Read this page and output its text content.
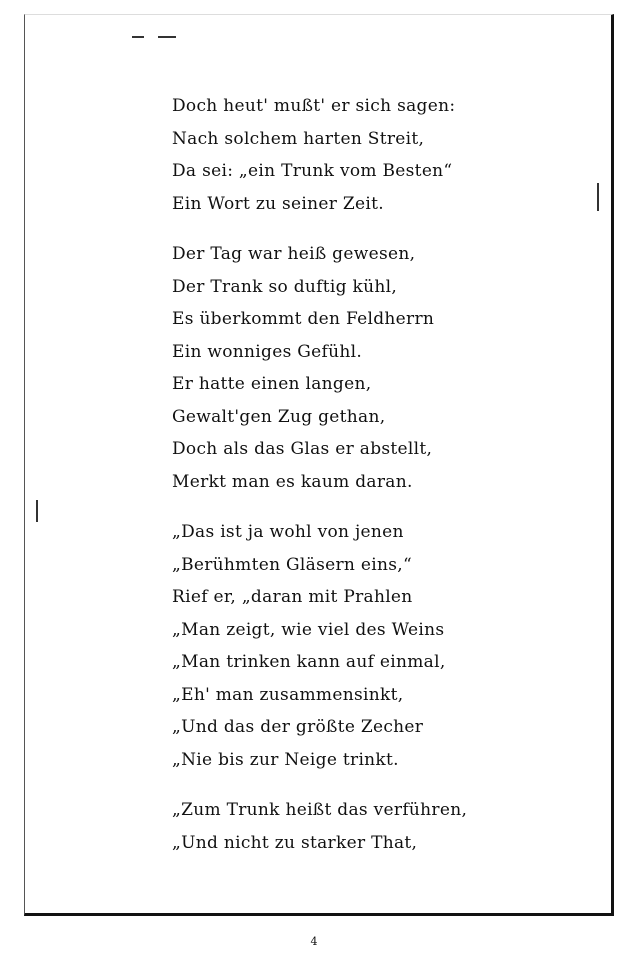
Doch heut' mußt' er sich sagen:
Nach solchem harten Streit,
Da sei: „ein Trunk vom Besten“
Ein Wort zu seiner Zeit.
Der Tag war heiß gewesen,
Der Trank so duftig kühl,
Es überkommt den Feldherrn
Ein wonniges Gefühl.
Er hatte einen langen,
Gewalt'gen Zug gethan,
Doch als das Glas er abstellt,
Merkt man es kaum daran.
„Das ist ja wohl von jenen
„Berühmten Gläsern eins,“
Rief er, „daran mit Prahlen
„Man zeigt, wie viel des Weins
„Man trinken kann auf einmal,
„Eh' man zusammensinkt,
„Und das der größte Zecher
„Nie bis zur Neige trinkt.
„Zum Trunk heißt das verführen,
„Und nicht zu starker That,
4
